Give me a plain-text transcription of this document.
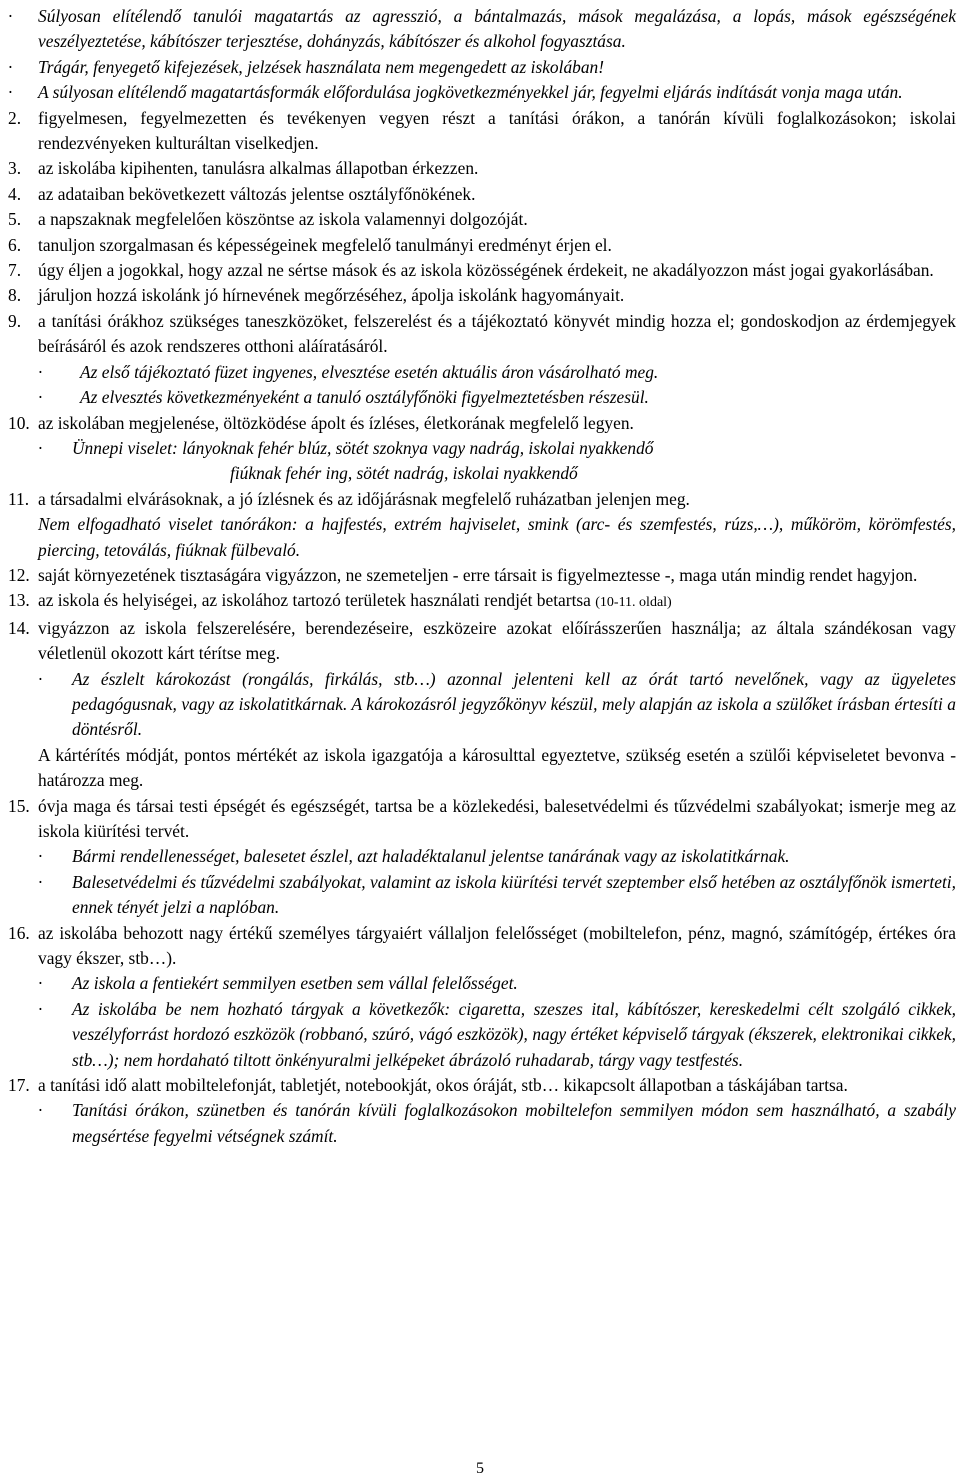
·	Súlyosan elítélendő tanulói magatartás az agresszió, a bántalmazás, mások megalázása, a lopás, mások egészségének veszélyeztetése, kábítószer terjesztése, dohányzás, kábítószer és alkohol fogyasztása.
·	Trágár, fenyegető kifejezések, jelzések használata nem megengedett az iskolában!
·	A súlyosan elítélendő magatartásformák előfordulása jogkövetkezményekkel jár, fegyelmi eljárás indítását vonja maga után.
2. figyelmesen, fegyelmezetten és tevékenyen vegyen részt a tanítási órákon, a tanórán kívüli foglalkozásokon; iskolai rendezvényeken kulturáltan viselkedjen.
3. az iskolába kipihenten, tanulásra alkalmas állapotban érkezzen.
4. az adataiban bekövetkezett változás jelentse osztályfőnökének.
5. a napszaknak megfelelően köszöntse az iskola valamennyi dolgozóját.
6. tanuljon szorgalmasan és képességeinek megfelelő tanulmányi eredményt érjen el.
7. úgy éljen a jogokkal, hogy azzal ne sértse mások és az iskola közösségének érdekeit, ne akadályozzon mást jogai gyakorlásában.
8. járuljon hozzá iskolánk jó hírnevének megőrzéséhez, ápolja iskolánk hagyományait.
9. a tanítási órákhoz szükséges taneszközöket, felszerelést és a tájékoztató könyvét mindig hozza el; gondoskodjon az érdemjegyek beírásáról és azok rendszeres otthoni aláíratásáról.
·	Az első tájékoztató füzet ingyenes, elvesztése esetén aktuális áron vásárolható meg.
·	Az elvesztés következményeként a tanuló osztályfőnöki figyelmeztetésben részesül.
10. az iskolában megjelenése, öltözködése ápolt és ízléses, életkorának megfelelő legyen.
·	Ünnepi viselet: lányoknak fehér blúz, sötét szoknya vagy nadrág, iskolai nyakkendő
fiúknak fehér ing, sötét nadrág, iskolai nyakkendő
11. a társadalmi elvárásoknak, a jó ízlésnek és az időjárásnak megfelelő ruházatban jelenjen meg.
Nem elfogadható viselet tanórákon: a hajfestés, extrém hajviselet, smink (arc- és szemfestés, rúzs,…), műköröm, körömfestés, piercing, tetoválás, fiúknak fülbevaló.
12. saját környezetének tisztaságára vigyázzon, ne szemeteljen - erre társait is figyelmeztesse -, maga után mindig rendet hagyjon.
13. az iskola és helyiségei, az iskolához tartozó területek használati rendjét betartsa (10-11. oldal)
14. vigyázzon az iskola felszerelésére, berendezéseire, eszközeire azokat előírásszerűen használja; az általa szándékosan vagy véletlenül okozott kárt térítse meg.
·	Az észlelt károkozást (rongálás, firkálás, stb…) azonnal jelenteni kell az órát tartó nevelőnek, vagy az ügyeletes pedagógusnak, vagy az iskolatitkárnak. A károkozásról jegyzőkönyv készül, mely alapján az iskola a szülőket írásban értesíti a döntésről.
A kártérítés módját, pontos mértékét az iskola igazgatója a károsulttal egyeztetve, szükség esetén a szülői képviseletet bevonva - határozza meg.
15. óvja maga és társai testi épségét és egészségét, tartsa be a közlekedési, balesetvédelmi és tűzvédelmi szabályokat; ismerje meg az iskola kiürítési tervét.
·	Bármi rendellenességet, balesetet észlel, azt haladéktalanul jelentse tanárának vagy az iskolatitkárnak.
·	Balesetvédelmi és tűzvédelmi szabályokat, valamint az iskola kiürítési tervét szeptember első hetében az osztályfőnök ismerteti, ennek tényét jelzi a naplóban.
16. az iskolába behozott nagy értékű személyes tárgyaiért vállaljon felelősséget (mobiltelefon, pénz, magnó, számítógép, értékes óra vagy ékszer, stb…).
·	Az iskola a fentiekért semmilyen esetben sem vállal felelősséget.
·	Az iskolába be nem hozható tárgyak a következők: cigaretta, szeszes ital, kábítószer, kereskedelmi célt szolgáló cikkek, veszélyforrást hordozó eszközök (robbanó, szúró, vágó eszközök), nagy értéket képviselő tárgyak (ékszerek, elektronikai cikkek, stb…); nem hordaható tiltott önkényuralmi jelképeket ábrázoló ruhadarab, tárgy vagy testfestés.
17. a tanítási idő alatt mobiltelefonját, tabletjét, notebookját, okos óráját, stb… kikapcsolt állapotban a táskájában tartsa.
·	Tanítási órákon, szünetben és tanórán kívüli foglalkozásokon mobiltelefon semmilyen módon sem használható, a szabály megsértése fegyelmi vétségnek számít.
5
